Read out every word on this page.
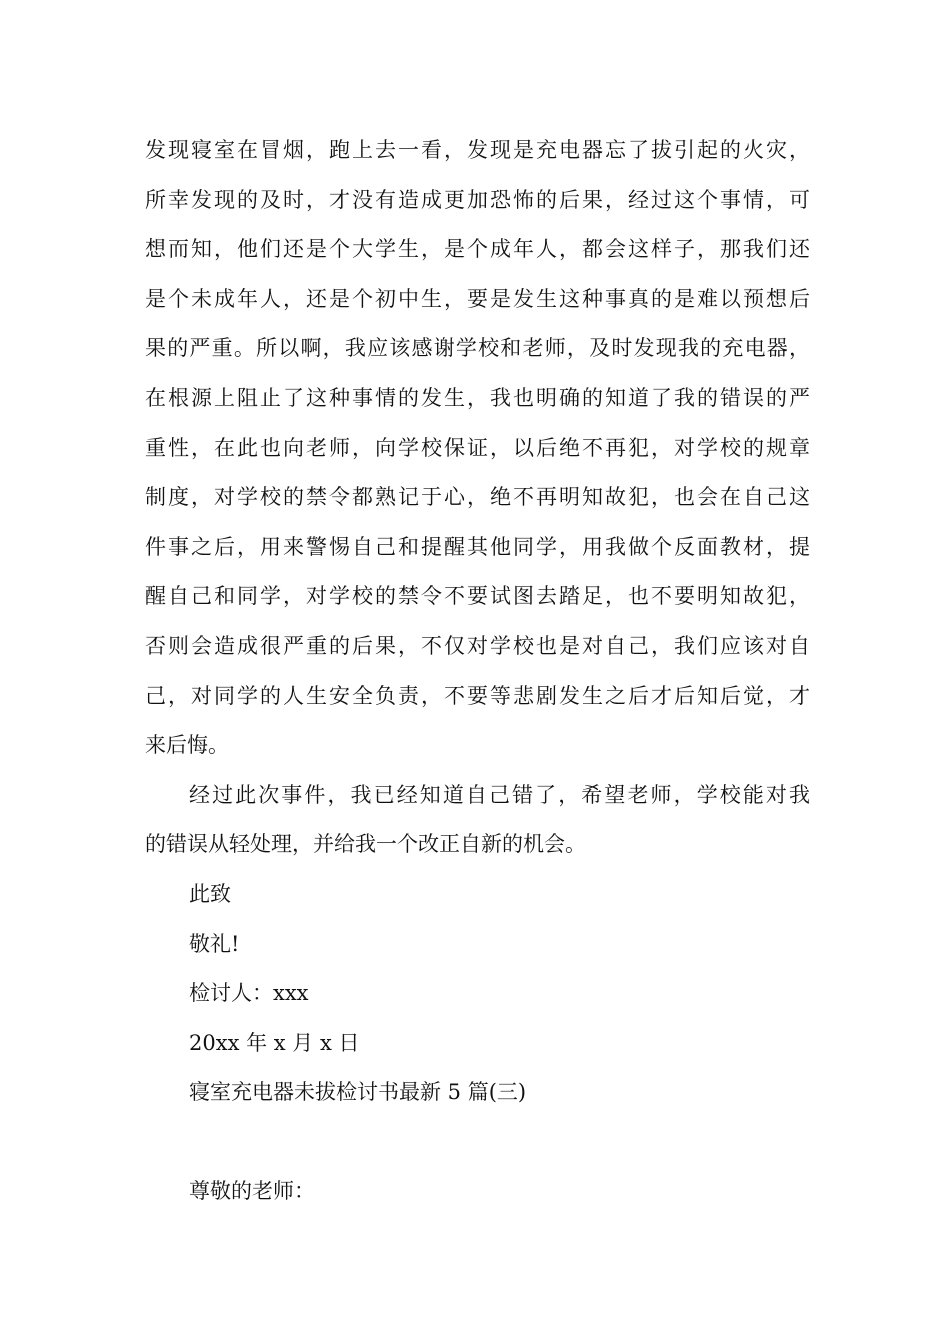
发现寝室在冒烟，跑上去一看，发现是充电器忘了拔引起的火灾，
所幸发现的及时，才没有造成更加恐怖的后果，经过这个事情，可
想而知，他们还是个大学生，是个成年人，都会这样子，那我们还
是个未成年人，还是个初中生，要是发生这种事真的是难以预想后
果的严重。所以啊，我应该感谢学校和老师，及时发现我的充电器，
在根源上阻止了这种事情的发生，我也明确的知道了我的错误的严
重性，在此也向老师，向学校保证，以后绝不再犯，对学校的规章
制度，对学校的禁令都熟记于心，绝不再明知故犯，也会在自己这
件事之后，用来警惕自己和提醒其他同学，用我做个反面教材，提
醒自己和同学，对学校的禁令不要试图去踏足，也不要明知故犯，
否则会造成很严重的后果，不仅对学校也是对自己，我们应该对自
己，对同学的人生安全负责，不要等悲剧发生之后才后知后觉，才
来后悔。
经过此次事件，我已经知道自己错了，希望老师，学校能对我
的错误从轻处理，并给我一个改正自新的机会。
此致
敬礼!
检讨人：xxx
20xx 年 x 月 x 日
寝室充电器未拔检讨书最新 5 篇(三)
尊敬的老师：
